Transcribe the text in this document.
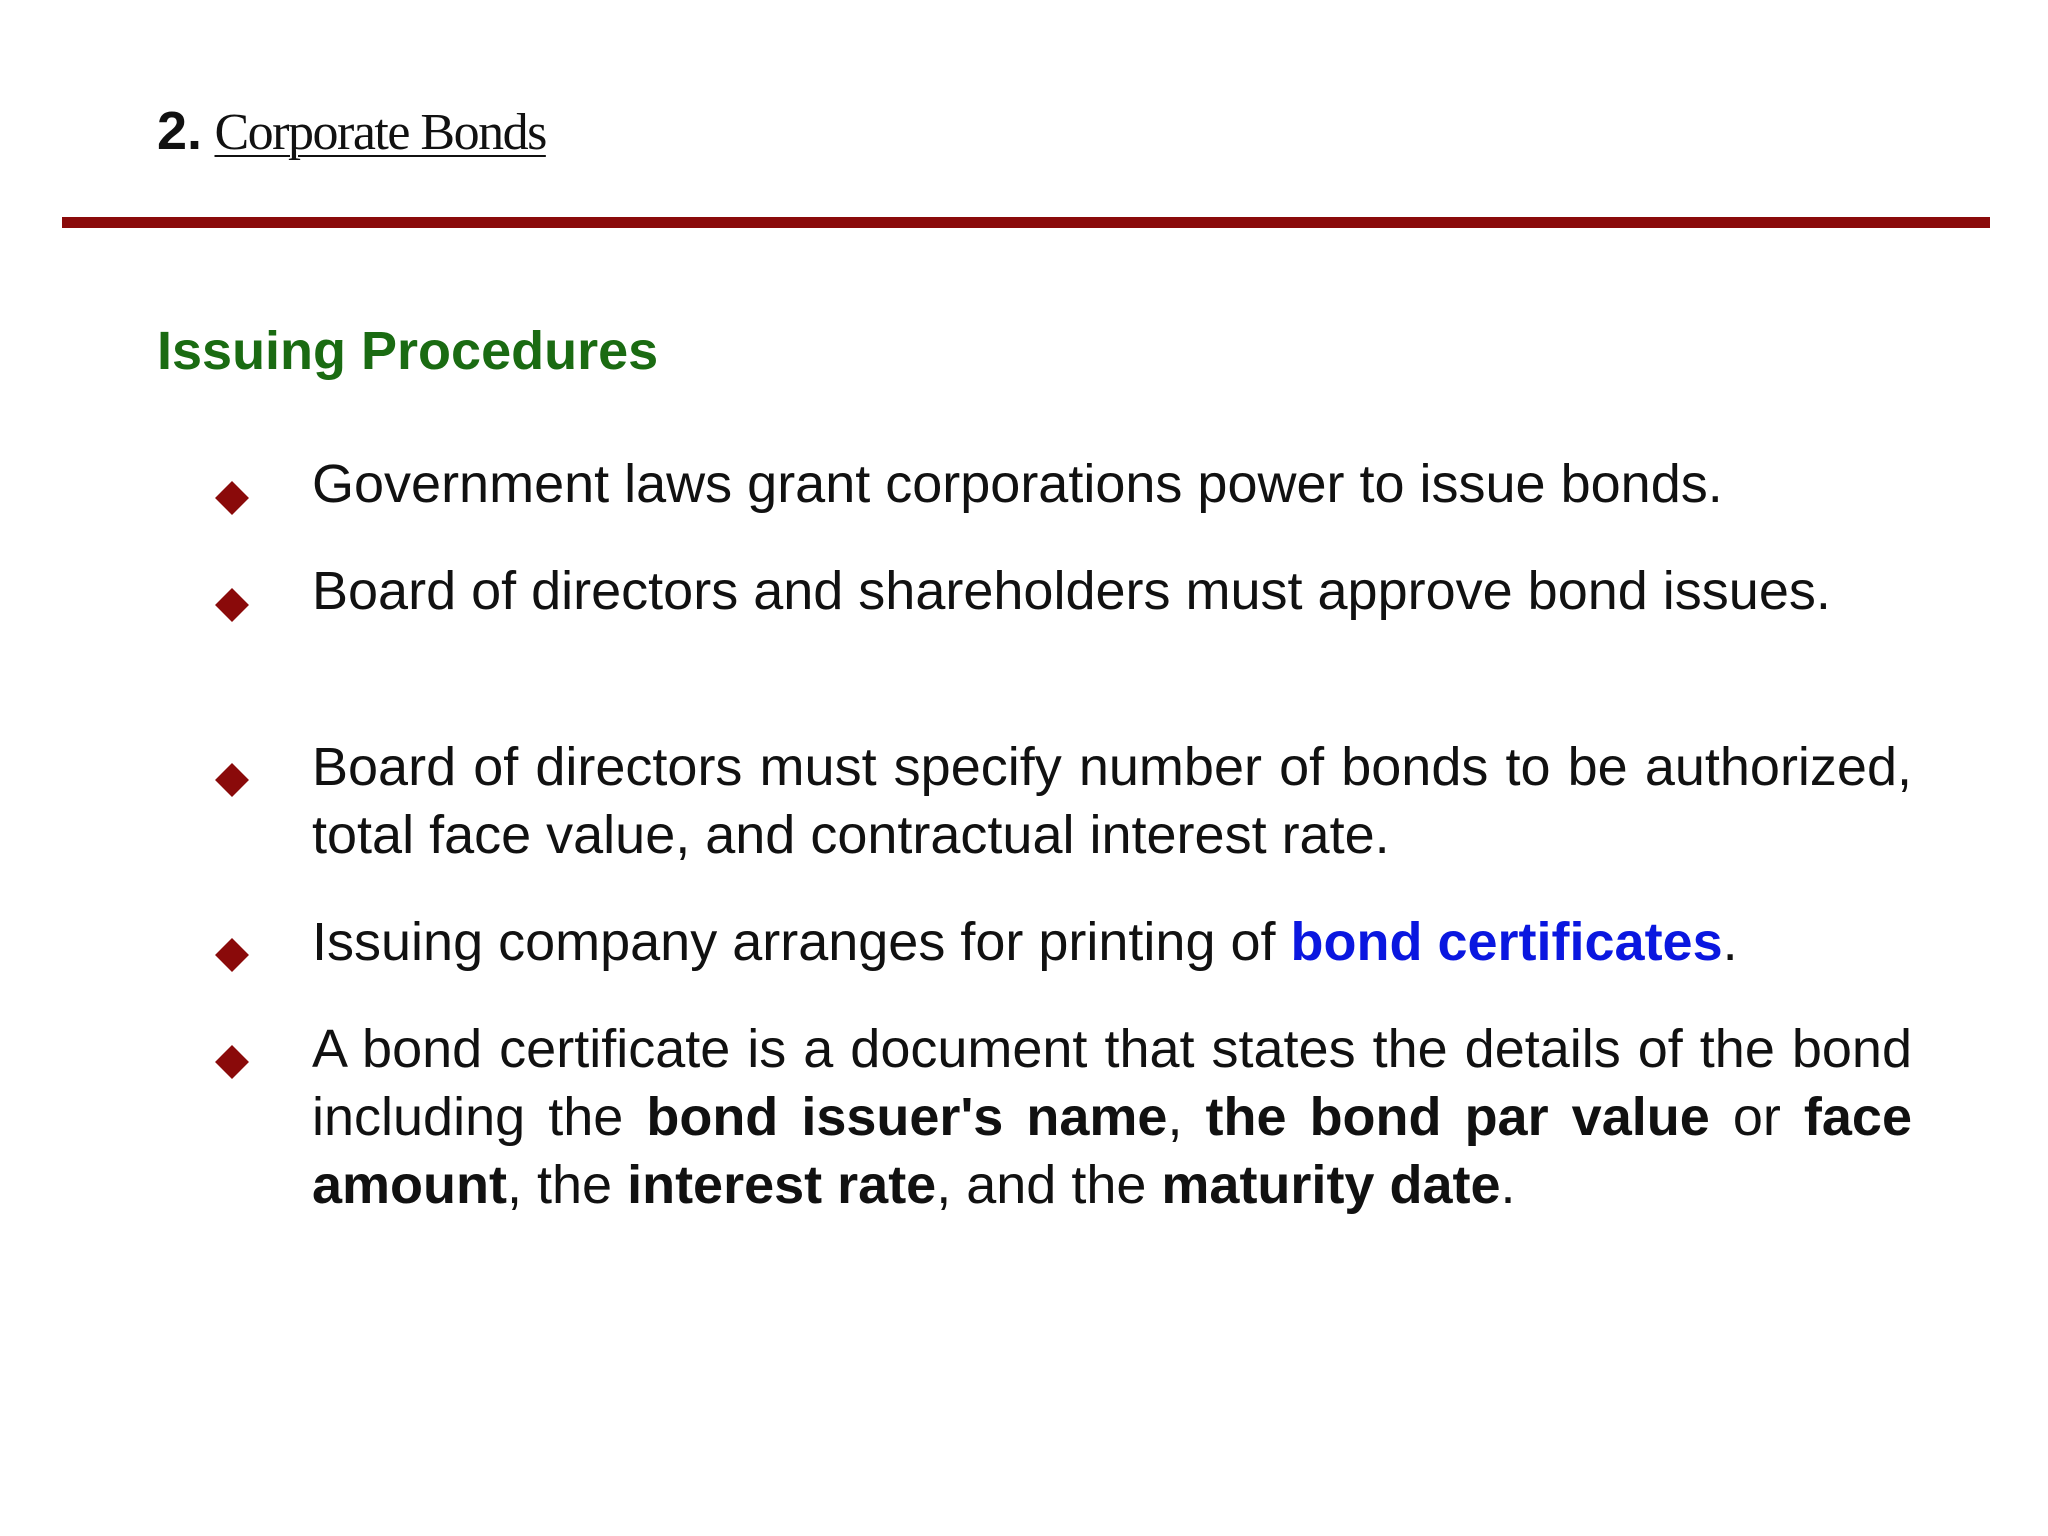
2. Corporate Bonds
Issuing Procedures
Government laws grant corporations power to issue bonds.
Board of directors and shareholders must approve bond issues.
Board of directors must specify number of bonds to be authorized, total face value, and contractual interest rate.
Issuing company arranges for printing of bond certificates.
A bond certificate is a document that states the details of the bond including the bond issuer's name, the bond par value or face amount, the interest rate, and the maturity date.
